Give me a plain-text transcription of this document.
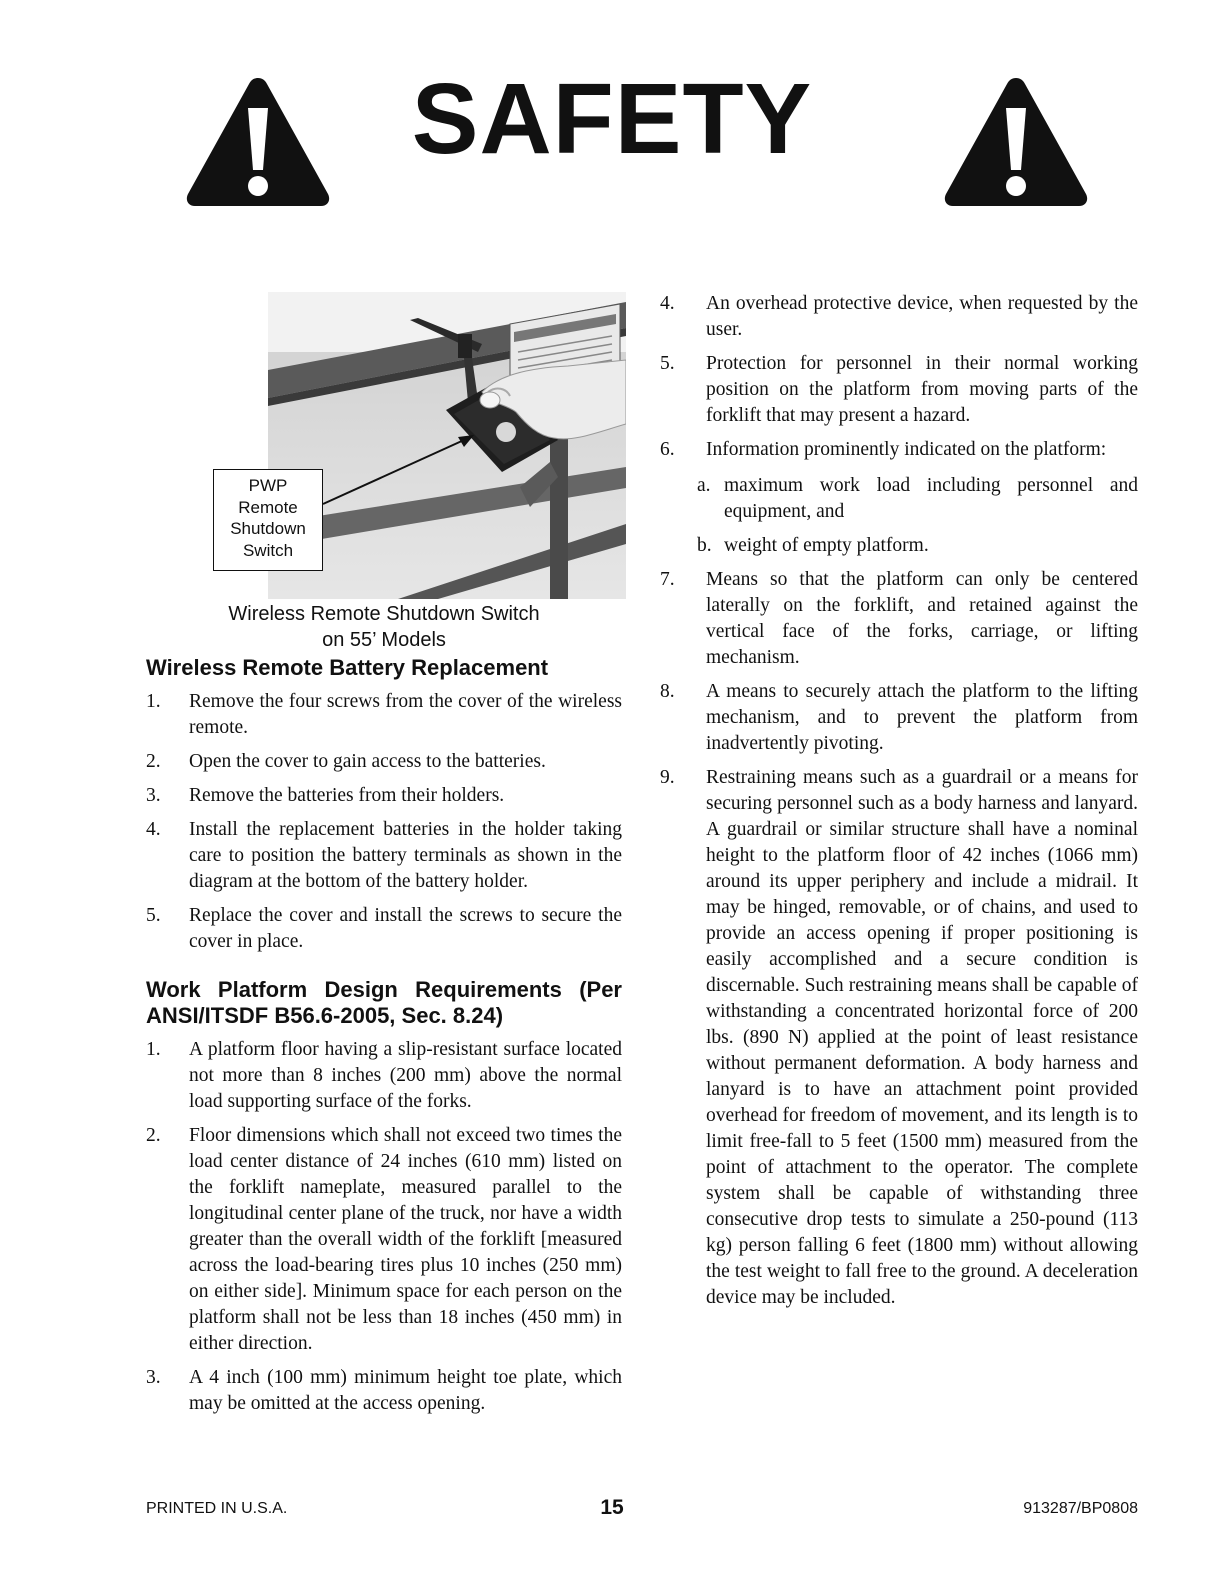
SAFETY
PWP
Remote
Shutdown
Switch
Wireless Remote Shutdown Switch
on 55’ Models
Wireless Remote Battery Replacement
1. Remove the four screws from the cover of the wireless remote.
2. Open the cover to gain access to the batteries.
3. Remove the batteries from their holders.
4. Install the replacement batteries in the holder taking care to position the battery terminals as shown in the diagram at the bottom of the battery holder.
5. Replace the cover and install the screws to secure the cover in place.
Work Platform Design Requirements (Per ANSI/ITSDF B56.6-2005, Sec. 8.24)
1. A platform floor having a slip-resistant surface located not more than 8 inches (200 mm) above the normal load supporting surface of the forks.
2. Floor dimensions which shall not exceed two times the load center distance of 24 inches (610 mm) listed on the forklift nameplate, measured parallel to the longitudinal center plane of the truck, nor have a width greater than the overall width of the forklift [measured across the load-bearing tires plus 10 inches (250 mm) on either side]. Minimum space for each person on the platform shall not be less than 18 inches (450 mm) in either direction.
3. A 4 inch (100 mm) minimum height toe plate, which may be omitted at the access opening.
4. An overhead protective device, when requested by the user.
5. Protection for personnel in their normal working position on the platform from moving parts of the forklift that may present a hazard.
6. Information prominently indicated on the platform:
a. maximum work load including personnel and equipment, and
b. weight of empty platform.
7. Means so that the platform can only be centered laterally on the forklift, and retained against the vertical face of the forks, carriage, or lifting mechanism.
8. A means to securely attach the platform to the lifting mechanism, and to prevent the platform from inadvertently pivoting.
9. Restraining means such as a guardrail or a means for securing personnel such as a body harness and lanyard. A guardrail or similar structure shall have a nominal height to the platform floor of 42 inches (1066 mm) around its upper periphery and include a midrail. It may be hinged, removable, or of chains, and used to provide an access opening if proper positioning is easily accomplished and a secure condition is discernable. Such restraining means shall be capable of withstanding a concentrated horizontal force of 200 lbs. (890 N) applied at the point of least resistance without permanent deformation. A body harness and lanyard is to have an attachment point provided overhead for freedom of movement, and its length is to limit free-fall to 5 feet (1500 mm) measured from the point of attachment to the operator. The complete system shall be capable of withstanding three consecutive drop tests to simulate a 250-pound (113 kg) person falling 6 feet (1800 mm) without allowing the test weight to fall free to the ground. A deceleration device may be included.
PRINTED IN U.S.A.	15	913287/BP0808
